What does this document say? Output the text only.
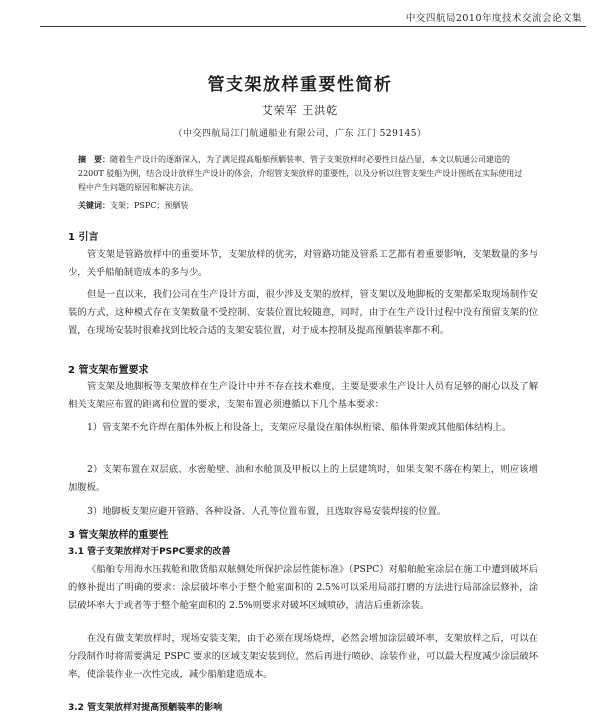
中交四航局2010年度技术交流会论文集
管支架放样重要性简析
艾荣军 王洪乾
（中交四航局江门航通船业有限公司，广东 江门 529145）
摘　要：随着生产设计的逐渐深入，为了满足提高船舶预舾装率、管子支架放样时必要性日益凸显，本文以航通公司建造的 2200T 驳船为例，结合设计放样生产设计的体会，介绍管支架放样的重要性，以及分析以往管支架生产设计图纸在实际使用过程中产生问题的原因和解决方法。
关键词：支架；PSPC；预舾装
1 引言
管支架是管路放样中的重要环节，支架放样的优劣，对管路功能及管系工艺都有着重要影响，支架数量的多与少，关乎船舶制造成本的多与少。
但是一直以来，我们公司在生产设计方面，很少涉及支架的放样，管支架以及地脚板的支架都采取现场制作安装的方式，这种模式存在支架数量不受控制、安装位置比较随意，同时，由于在生产设计过程中没有预留支架的位置，在现场安装时很难找到比较合适的支架安装位置，对于成本控制及提高预舾装率都不利。
2 管支架布置要求
管支架及地脚板等支架放样在生产设计中并不存在技术难度，主要是要求生产设计人员有足够的耐心以及了解相关支架应布置的距离和位置的要求，支架布置必须遵循以下几个基本要求：
1）管支架不允许焊在船体外板上和设备上，支架应尽量设在船体纵桁梁、船体骨架或其他船体结构上。
2）支架布置在双层底、水密舱壁、油和水舱顶及甲板以上的上层建筑时，如果支架不落在构架上，则应该增加腹板。
3）地脚板支架应避开管路、各种设备、人孔等位置布置，且选取容易安装焊接的位置。
3 管支架放样的重要性
3.1 管子支架放样对于PSPC要求的改善
《船舶专用海水压载舱和散货船双舷侧处所保护涂层性能标准》（PSPC）对船舶舱室涂层在施工中遭到破坏后的修补提出了明确的要求：涂层破坏率小于整个舱室面积的 2.5%可以采用局部打磨的方法进行局部涂层修补，涂层破坏率大于或者等于整个舱室面积的 2.5%则要求对破坏区域喷砂，清洁后重新涂装。
在没有做支架放样时，现场安装支架，由于必须在现场烧焊，必然会增加涂层破坏率，支架放样之后，可以在分段制作时将需要满足 PSPC 要求的区域支架安装到位，然后再进行喷砂、涂装作业，可以最大程度减少涂层破坏率，使涂装作业一次性完成，减少船舶建造成本。
3.2 管支架放样对提高预舾装率的影响
